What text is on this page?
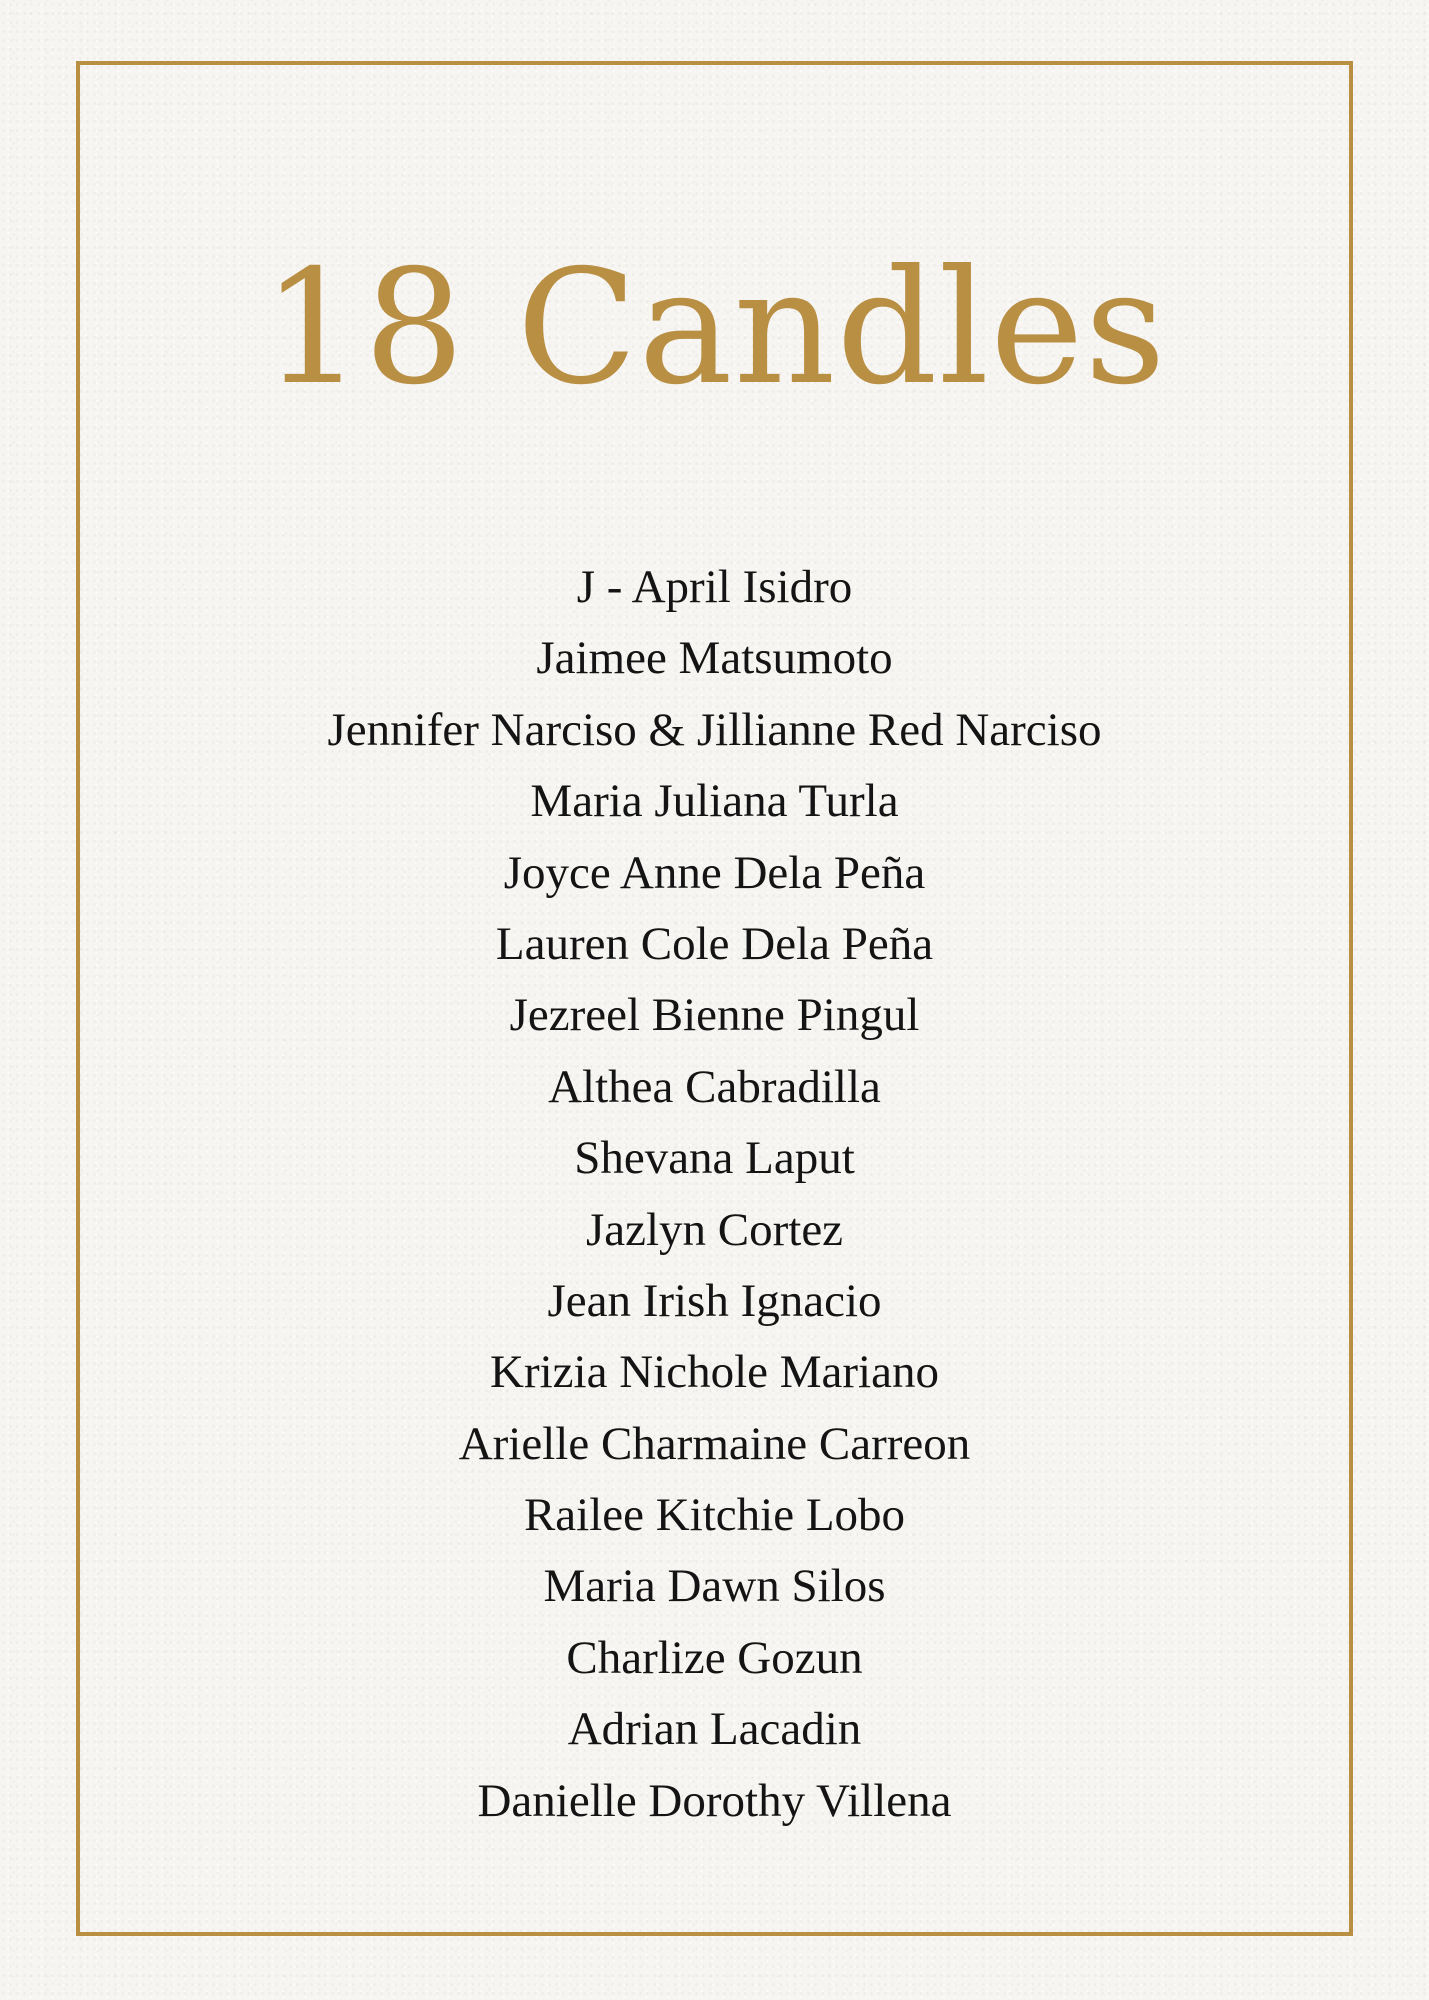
18 Candles
J - April Isidro
Jaimee Matsumoto
Jennifer Narciso & Jillianne Red Narciso
Maria Juliana Turla
Joyce Anne Dela Peña
Lauren Cole Dela Peña
Jezreel Bienne Pingul
Althea Cabradilla
Shevana Laput
Jazlyn Cortez
Jean Irish Ignacio
Krizia Nichole Mariano
Arielle Charmaine Carreon
Railee Kitchie Lobo
Maria Dawn Silos
Charlize Gozun
Adrian Lacadin
Danielle Dorothy Villena
